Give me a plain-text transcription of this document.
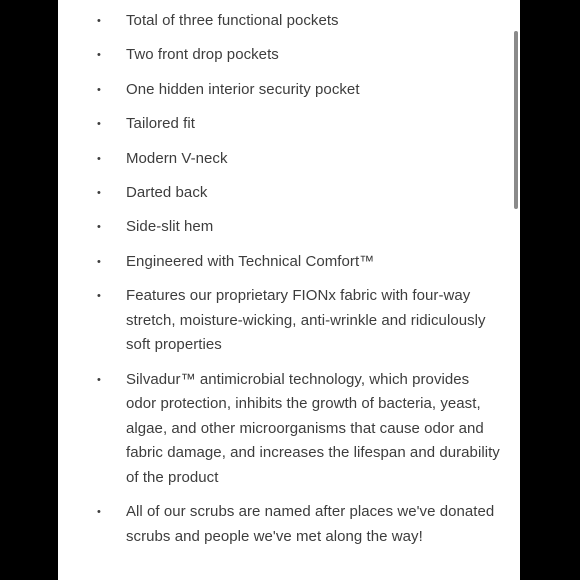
• Total of three functional pockets
• Two front drop pockets
• One hidden interior security pocket
• Tailored fit
• Modern V-neck
• Darted back
• Side-slit hem
• Engineered with Technical Comfort™
• Features our proprietary FIONx fabric with four-way stretch, moisture-wicking, anti-wrinkle and ridiculously soft properties
• Silvadur™ antimicrobial technology, which provides odor protection, inhibits the growth of bacteria, yeast, algae, and other microorganisms that cause odor and fabric damage, and increases the lifespan and durability of the product
• All of our scrubs are named after places we've donated scrubs and people we've met along the way!
